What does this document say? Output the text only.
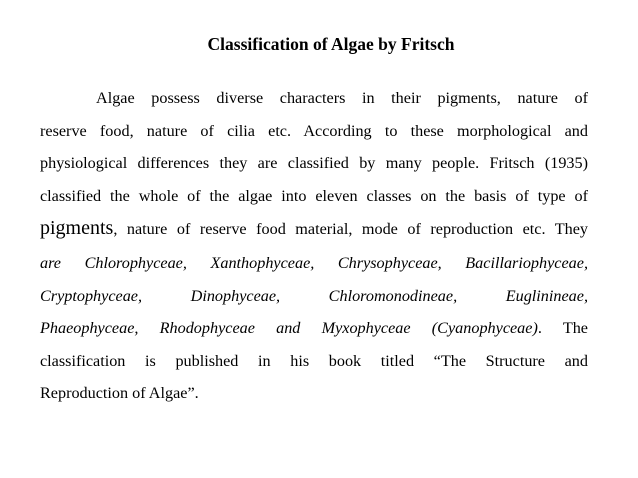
Classification of Algae by Fritsch
Algae possess diverse characters in their pigments, nature of
reserve food, nature of cilia etc. According to these morphological and
physiological differences they are classified by many people. Fritsch (1935)
classified the whole of the algae into eleven classes on the basis of type of
pigments, nature of reserve food material, mode of reproduction etc. They
are Chlorophyceae, Xanthophyceae, Chrysophyceae, Bacillariophyceae,
Cryptophyceae, Dinophyceae, Chloromonodineae, Euglinineae,
Phaeophyceae, Rhodophyceae and Myxophyceae (Cyanophyceae). The
classification is published in his book titled “The Structure and
Reproduction of Algae”.
